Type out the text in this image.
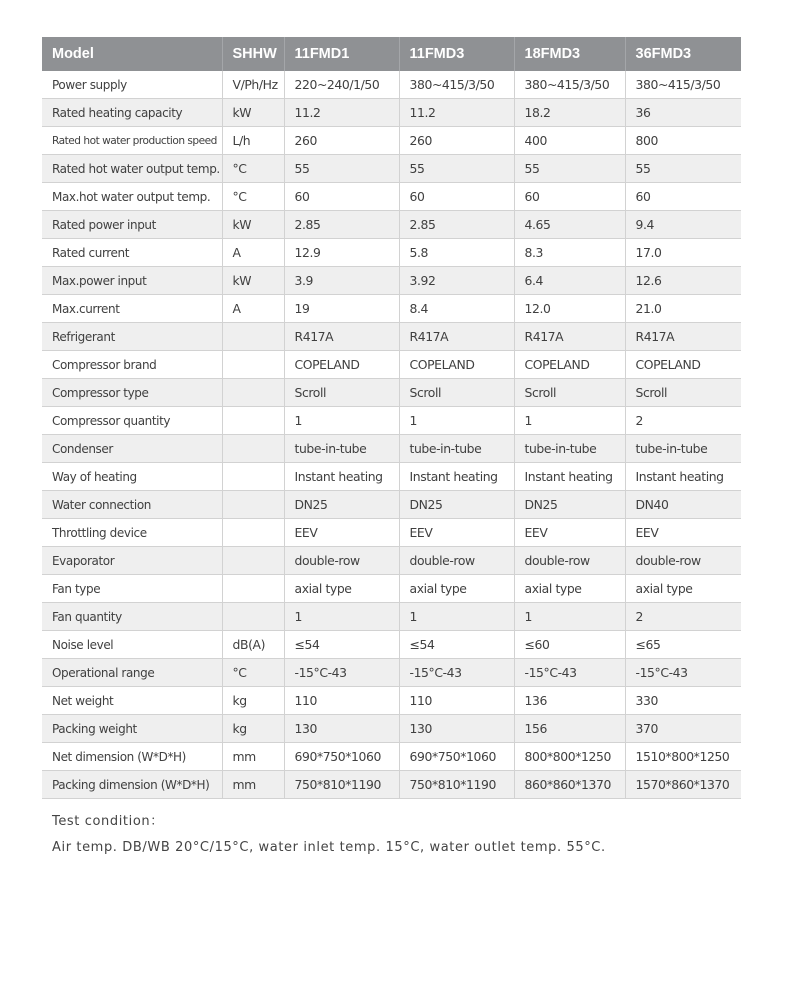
Model	SHHW	11FMD1	11FMD3	18FMD3	36FMD3
Power supply	V/Ph/Hz	220~240/1/50	380~415/3/50	380~415/3/50	380~415/3/50
Rated heating capacity	kW	11.2	11.2	18.2	36
Rated hot water production speed	L/h	260	260	400	800
Rated hot water output temp.	°C	55	55	55	55
Max.hot water output temp.	°C	60	60	60	60
Rated power input	kW	2.85	2.85	4.65	9.4
Rated current	A	12.9	5.8	8.3	17.0
Max.power input	kW	3.9	3.92	6.4	12.6
Max.current	A	19	8.4	12.0	21.0
Refrigerant		R417A	R417A	R417A	R417A
Compressor brand		COPELAND	COPELAND	COPELAND	COPELAND
Compressor type		Scroll	Scroll	Scroll	Scroll
Compressor quantity		1	1	1	2
Condenser		tube-in-tube	tube-in-tube	tube-in-tube	tube-in-tube
Way of heating		Instant heating	Instant heating	Instant heating	Instant heating
Water connection		DN25	DN25	DN25	DN40
Throttling device		EEV	EEV	EEV	EEV
Evaporator		double-row	double-row	double-row	double-row
Fan type		axial type	axial type	axial type	axial type
Fan quantity		1	1	1	2
Noise level	dB(A)	≤54	≤54	≤60	≤65
Operational range	°C	-15°C-43	-15°C-43	-15°C-43	-15°C-43
Net weight	kg	110	110	136	330
Packing weight	kg	130	130	156	370
Net dimension (W*D*H)	mm	690*750*1060	690*750*1060	800*800*1250	1510*800*1250
Packing dimension (W*D*H)	mm	750*810*1190	750*810*1190	860*860*1370	1570*860*1370
Test condition：
Air temp. DB/WB 20°C/15°C, water inlet temp. 15°C, water outlet temp. 55°C.
